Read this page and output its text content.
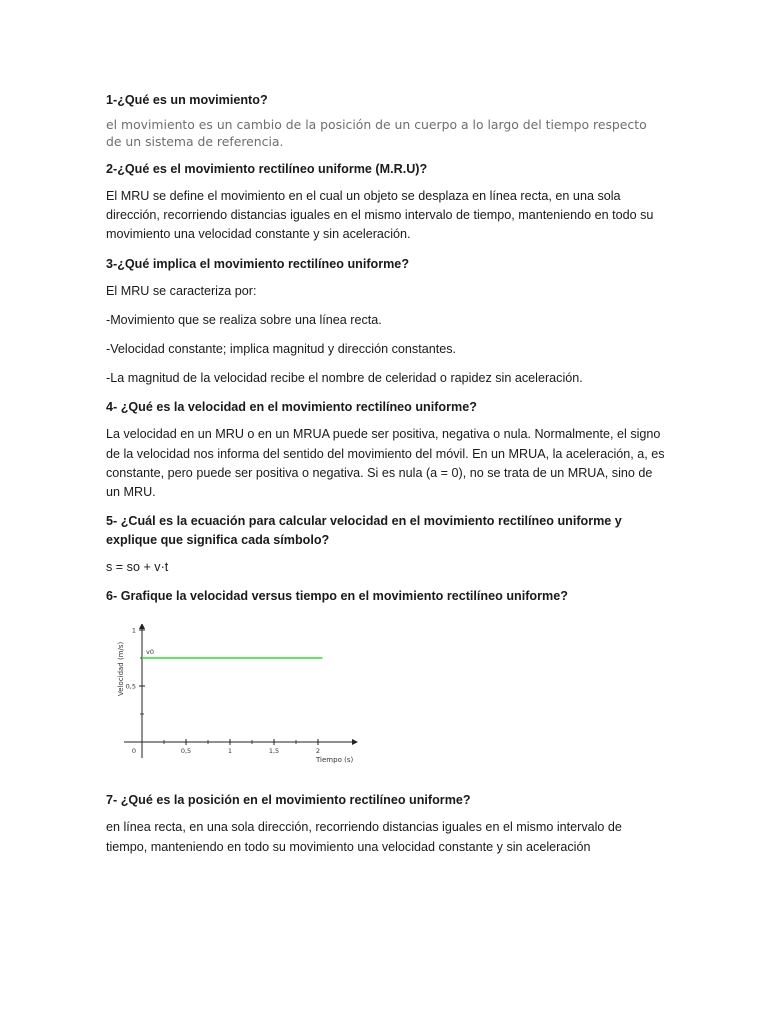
1-¿Qué es un movimiento?
el movimiento es un cambio de la posición de un cuerpo a lo largo del tiempo respecto de un sistema de referencia.
2-¿Qué es el movimiento rectilíneo uniforme (M.R.U)?
El MRU se define el movimiento en el cual un objeto se desplaza en línea recta, en una sola dirección, recorriendo distancias iguales en el mismo intervalo de tiempo, manteniendo en todo su movimiento una velocidad constante y sin aceleración.
3-¿Qué implica el movimiento rectilíneo uniforme?
El MRU se caracteriza por:
-Movimiento que se realiza sobre una línea recta.
-Velocidad constante; implica magnitud y dirección constantes.
-La magnitud de la velocidad recibe el nombre de celeridad o rapidez sin aceleración.
4- ¿Qué es la velocidad en el movimiento rectilíneo uniforme?
La velocidad en un MRU o en un MRUA puede ser positiva, negativa o nula. Normalmente, el signo de la velocidad nos informa del sentido del movimiento del móvil. En un MRUA, la aceleración, a, es constante, pero puede ser positiva o negativa. Si es nula (a = 0), no se trata de un MRUA, sino de un MRU.
5- ¿Cuál es la ecuación para calcular velocidad en el movimiento rectilíneo uniforme y explique que significa cada símbolo?
s = so + v·t
6- Grafique la velocidad versus tiempo en el movimiento rectilíneo uniforme?
0	0,5	1	1,5	2
0,5
1
v0
Tiempo (s)
Velocidad (m/s)
7- ¿Qué es la posición en el movimiento rectilíneo uniforme?
en línea recta, en una sola dirección, recorriendo distancias iguales en el mismo intervalo de tiempo, manteniendo en todo su movimiento una velocidad constante y sin aceleración
